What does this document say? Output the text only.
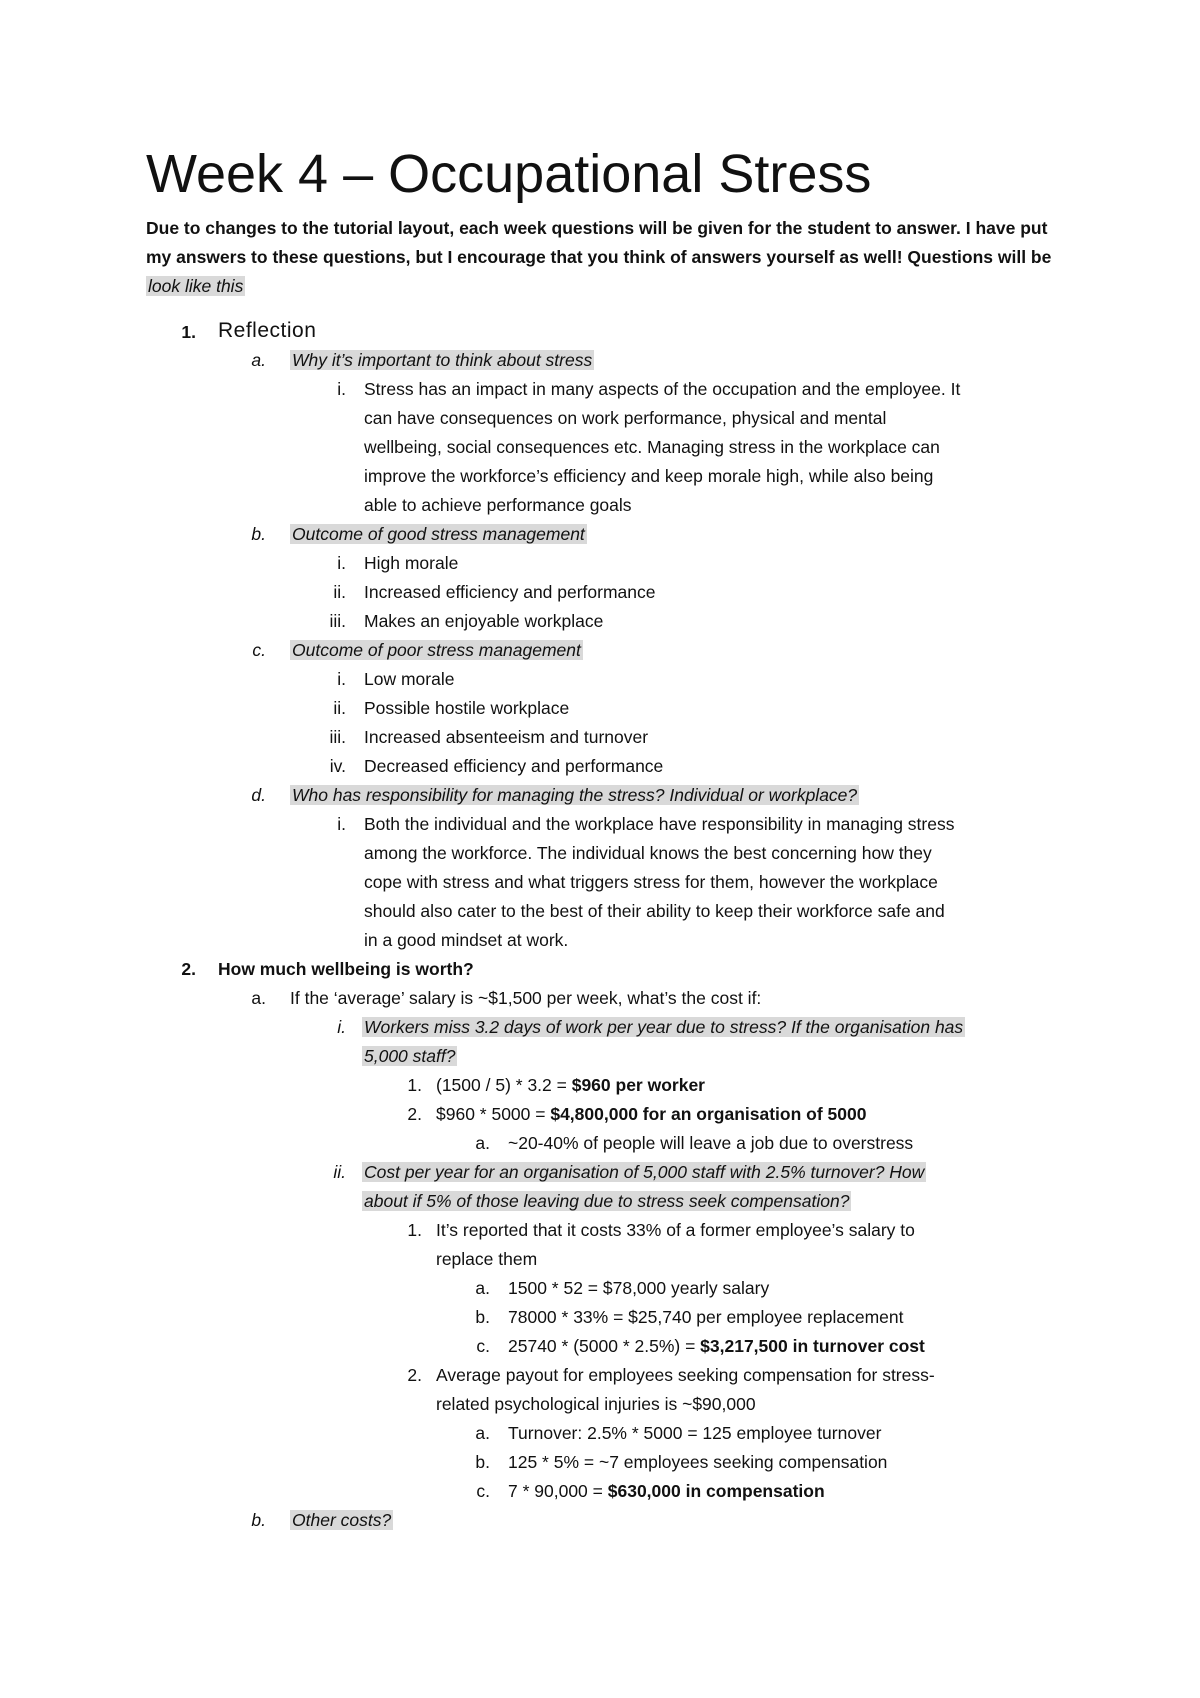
Week 4 – Occupational Stress
Due to changes to the tutorial layout, each week questions will be given for the student to answer. I have put my answers to these questions, but I encourage that you think of answers yourself as well! Questions will be look like this
1. Reflection
a. Why it’s important to think about stress
i. Stress has an impact in many aspects of the occupation and the employee. It
can have consequences on work performance, physical and mental
wellbeing, social consequences etc. Managing stress in the workplace can
improve the workforce’s efficiency and keep morale high, while also being
able to achieve performance goals
b. Outcome of good stress management
i. High morale
ii. Increased efficiency and performance
iii. Makes an enjoyable workplace
c. Outcome of poor stress management
i. Low morale
ii. Possible hostile workplace
iii. Increased absenteeism and turnover
iv. Decreased efficiency and performance
d. Who has responsibility for managing the stress? Individual or workplace?
i. Both the individual and the workplace have responsibility in managing stress
among the workforce. The individual knows the best concerning how they
cope with stress and what triggers stress for them, however the workplace
should also cater to the best of their ability to keep their workforce safe and
in a good mindset at work.
2. How much wellbeing is worth?
a. If the ‘average’ salary is ~$1,500 per week, what’s the cost if:
i. Workers miss 3.2 days of work per year due to stress? If the organisation has
5,000 staff?
1. (1500 / 5) * 3.2 = $960 per worker
2. $960 * 5000 = $4,800,000 for an organisation of 5000
a. ~20-40% of people will leave a job due to overstress
ii. Cost per year for an organisation of 5,000 staff with 2.5% turnover? How
about if 5% of those leaving due to stress seek compensation?
1. It’s reported that it costs 33% of a former employee’s salary to
replace them
a. 1500 * 52 = $78,000 yearly salary
b. 78000 * 33% = $25,740 per employee replacement
c. 25740 * (5000 * 2.5%) = $3,217,500 in turnover cost
2. Average payout for employees seeking compensation for stress-
related psychological injuries is ~$90,000
a. Turnover: 2.5% * 5000 = 125 employee turnover
b. 125 * 5% = ~7 employees seeking compensation
c. 7 * 90,000 = $630,000 in compensation
b. Other costs?
